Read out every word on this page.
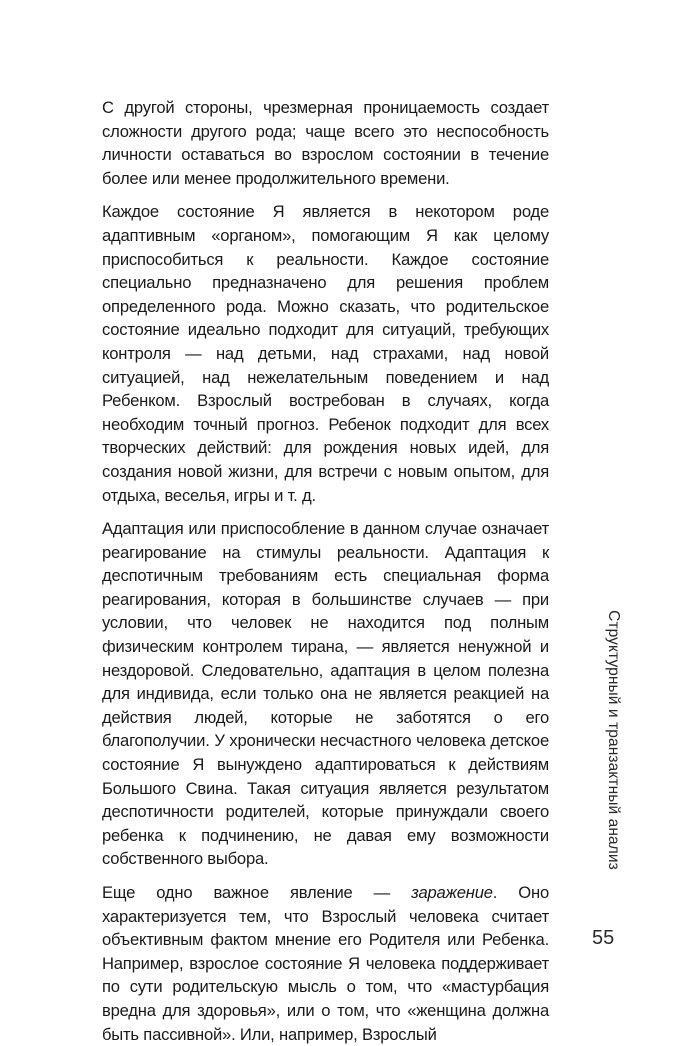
С другой стороны, чрезмерная проницаемость создает сложности другого рода; чаще всего это неспособность личности оставаться во взрослом состоянии в течение более или менее продолжительного времени.

Каждое состояние Я является в некотором роде адаптивным «органом», помогающим Я как целому приспособиться к реальности. Каждое состояние специально предназначено для решения проблем определенного рода. Можно сказать, что родительское состояние идеально подходит для ситуаций, требующих контроля — над детьми, над страхами, над новой ситуацией, над нежелательным поведением и над Ребенком. Взрослый востребован в случаях, когда необходим точный прогноз. Ребенок подходит для всех творческих действий: для рождения новых идей, для создания новой жизни, для встречи с новым опытом, для отдыха, веселья, игры и т. д.

Адаптация или приспособление в данном случае означает реагирование на стимулы реальности. Адаптация к деспотичным требованиям есть специальная форма реагирования, которая в большинстве случаев — при условии, что человек не находится под полным физическим контролем тирана, — является ненужной и нездоровой. Следовательно, адаптация в целом полезна для индивида, если только она не является реакцией на действия людей, которые не заботятся о его благополучии. У хронически несчастного человека детское состояние Я вынуждено адаптироваться к действиям Большого Свина. Такая ситуация является результатом деспотичности родителей, которые принуждали своего ребенка к подчинению, не давая ему возможности собственного выбора.

Еще одно важное явление — заражение. Оно характеризуется тем, что Взрослый человека считает объективным фактом мнение его Родителя или Ребенка. Например, взрослое состояние Я человека поддерживает по сути родительскую мысль о том, что «мастурбация вредна для здоровья», или о том, что «женщина должна быть пассивной». Или, например, Взрослый

Структурный и транзактный анализ
55
